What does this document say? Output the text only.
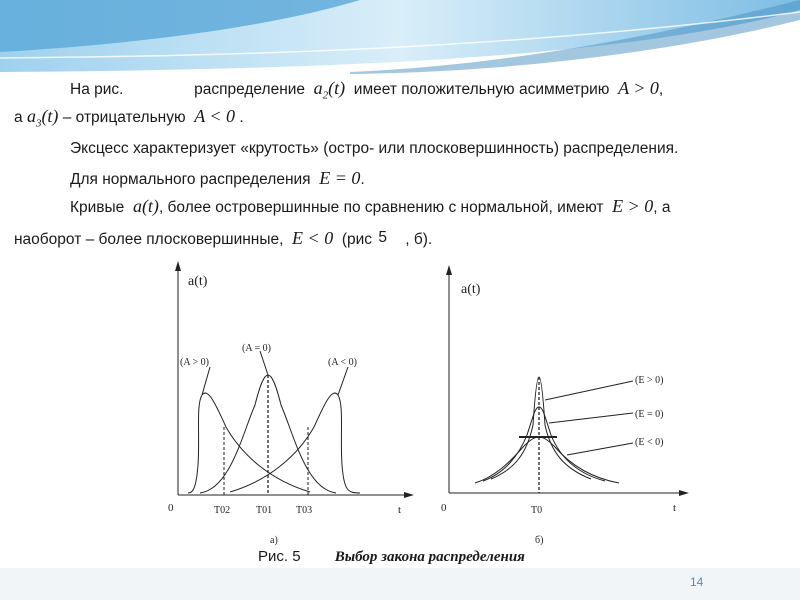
На рис.	распределение $a_2(t)$ имеет положительную асимметрию A > 0,
а $a_3(t)$ – отрицательную A < 0 .
Эксцесс характеризует «крутость» (остро- или плосковершинность) распределения.
Для нормального распределения E = 0.
Кривые a(t), более островершинные по сравнению с нормальной, имеют E > 0, а
наоборот – более плосковершинные, E < 0 (рис 5 , б).
a(t)
0	t
T02	T01 T03
(A > 0)
(A = 0)
(A < 0)
а)
a(t)
0	t
T0
(E > 0)
(E = 0)
(E < 0)
б)
Рис. 5 Выбор закона распределения
14
